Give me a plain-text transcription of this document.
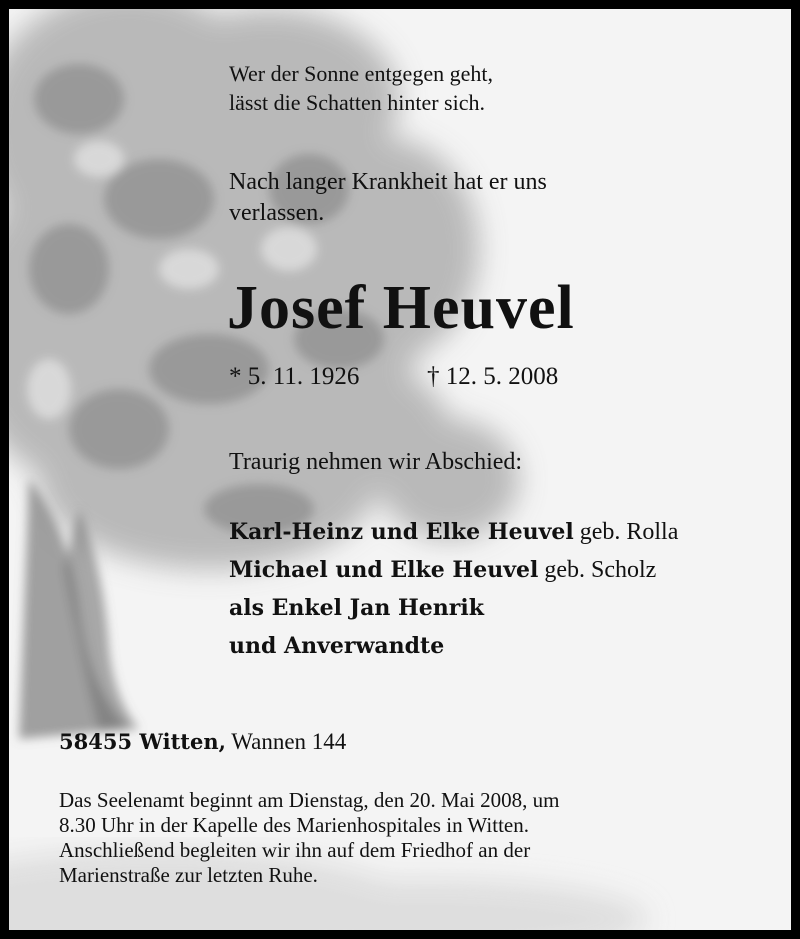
Wer der Sonne entgegen geht,
lässt die Schatten hinter sich.
Nach langer Krankheit hat er uns
verlassen.
Josef Heuvel
* 5. 11. 1926	† 12. 5. 2008
Traurig nehmen wir Abschied:
Karl-Heinz und Elke Heuvel geb. Rolla
Michael und Elke Heuvel geb. Scholz
als Enkel Jan Henrik
und Anverwandte
58455 Witten, Wannen 144
Das Seelenamt beginnt am Dienstag, den 20. Mai 2008, um
8.30 Uhr in der Kapelle des Marienhospitales in Witten.
Anschließend begleiten wir ihn auf dem Friedhof an der
Marienstraße zur letzten Ruhe.
